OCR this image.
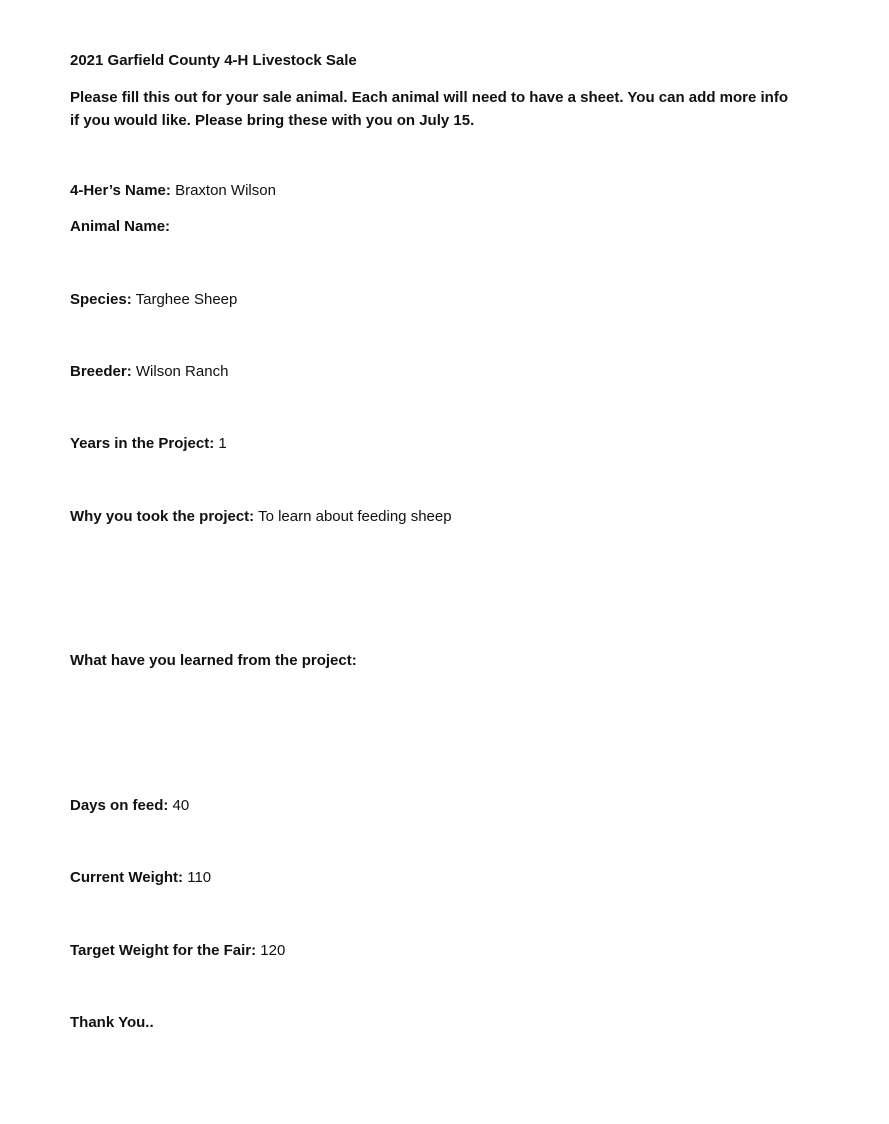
2021 Garfield County 4-H Livestock Sale
Please fill this out for your sale animal. Each animal will need to have a sheet. You can add more info
if you would like. Please bring these with you on July 15.
4-Her’s Name: Braxton Wilson
Animal Name:
Species: Targhee Sheep
Breeder: Wilson Ranch
Years in the Project: 1
Why you took the project: To learn about feeding sheep
What have you learned from the project:
Days on feed: 40
Current Weight: 110
Target Weight for the Fair: 120
Thank You..
